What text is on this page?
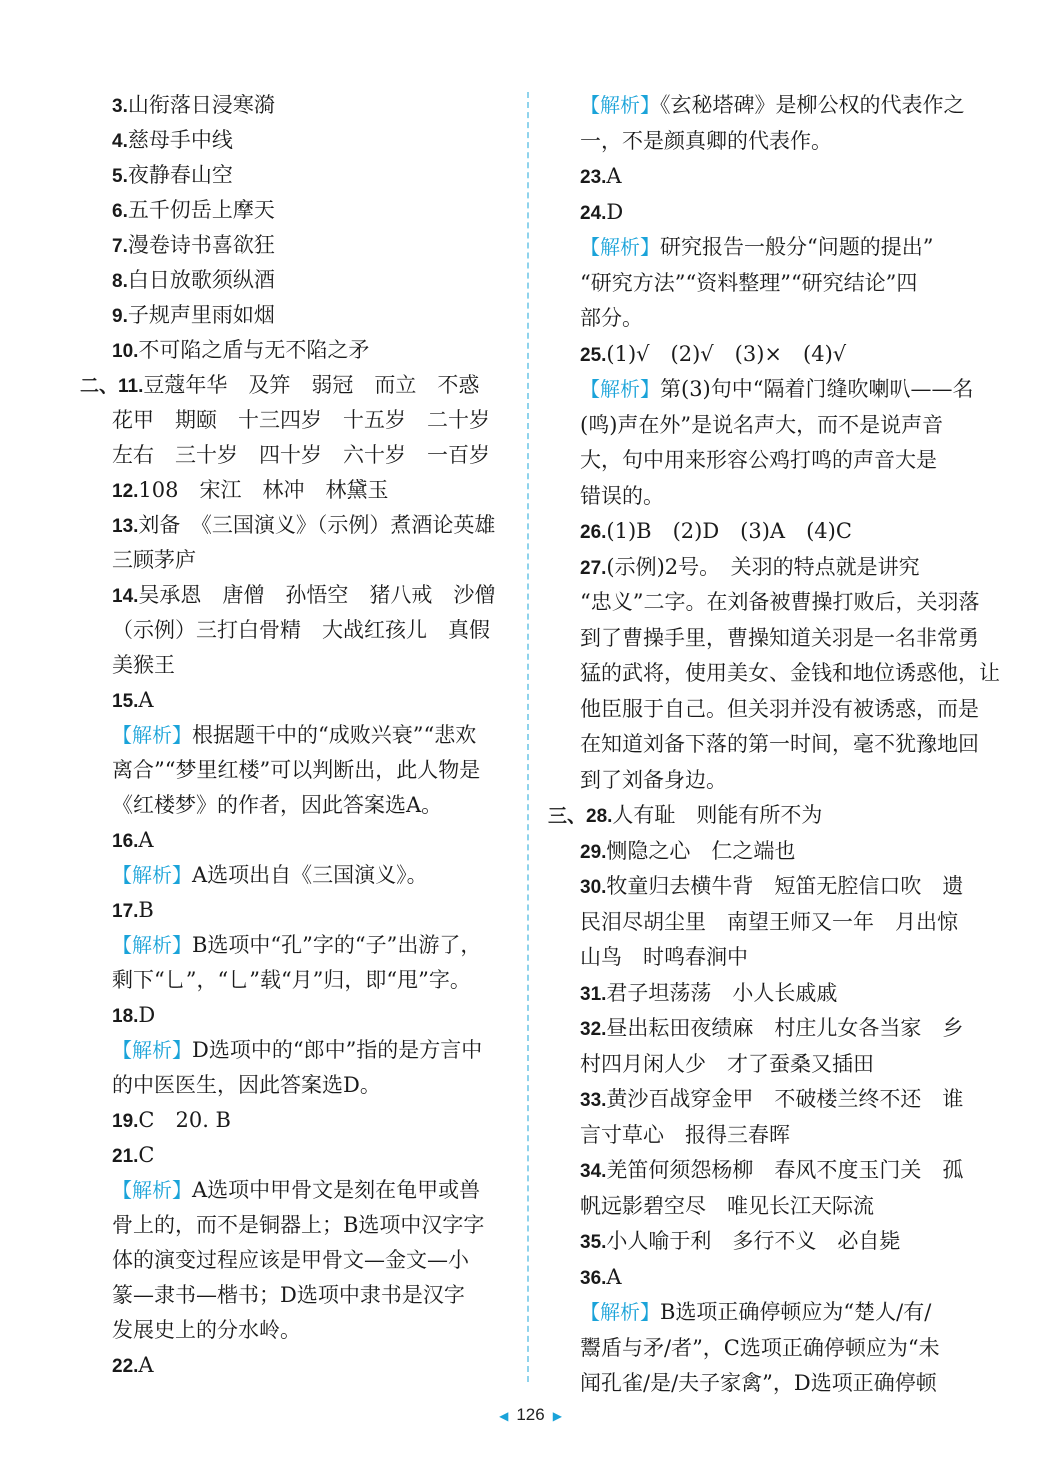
3.山衔落日浸寒漪
4.慈母手中线
5.夜静春山空
6.五千仞岳上摩天
7.漫卷诗书喜欲狂
8.白日放歌须纵酒
9.子规声里雨如烟
10.不可陷之盾与无不陷之矛
二、11.豆蔻年华　及笄　弱冠　而立　不惑
花甲　期颐　十三四岁　十五岁　二十岁
左右　三十岁　四十岁　六十岁　一百岁
12.108　宋江　林冲　林黛玉
13.刘备　《三国演义》（示例）煮酒论英雄
三顾茅庐
14.吴承恩　唐僧　孙悟空　猪八戒　沙僧
（示例）三打白骨精　大战红孩儿　真假
美猴王
15.A
【解析】根据题干中的“成败兴衰”“悲欢
离合”“梦里红楼”可以判断出，此人物是
《红楼梦》的作者，因此答案选A。
16.A
【解析】A选项出自《三国演义》。
17.B
【解析】B选项中“孔”字的“子”出游了，
剩下“乚”，“乚”载“月”归，即“甩”字。
18.D
【解析】D选项中的“郎中”指的是方言中
的中医医生，因此答案选D。
19.C　20. B
21.C
【解析】A选项中甲骨文是刻在龟甲或兽
骨上的，而不是铜器上；B选项中汉字字
体的演变过程应该是甲骨文—金文—小
篆—隶书—楷书；D选项中隶书是汉字
发展史上的分水岭。
22.A
【解析】《玄秘塔碑》是柳公权的代表作之
一，不是颜真卿的代表作。
23.A
24.D
【解析】研究报告一般分“问题的提出”
“研究方法”“资料整理”“研究结论”四
部分。
25.(1)√　(2)√　(3)×　(4)√
【解析】第(3)句中“隔着门缝吹喇叭——名
(鸣)声在外”是说名声大，而不是说声音
大，句中用来形容公鸡打鸣的声音大是
错误的。
26.(1)B　(2)D　(3)A　(4)C
27.(示例)2号。　关羽的特点就是讲究
“忠义”二字。在刘备被曹操打败后，关羽落
到了曹操手里，曹操知道关羽是一名非常勇
猛的武将，使用美女、金钱和地位诱惑他，让
他臣服于自己。但关羽并没有被诱惑，而是
在知道刘备下落的第一时间，毫不犹豫地回
到了刘备身边。
三、28.人有耻　则能有所不为
29.恻隐之心　仁之端也
30.牧童归去横牛背　短笛无腔信口吹　遗
民泪尽胡尘里　南望王师又一年　月出惊
山鸟　时鸣春涧中
31.君子坦荡荡　小人长戚戚
32.昼出耘田夜绩麻　村庄儿女各当家　乡
村四月闲人少　才了蚕桑又插田
33.黄沙百战穿金甲　不破楼兰终不还　谁
言寸草心　报得三春晖
34.羌笛何须怨杨柳　春风不度玉门关　孤
帆远影碧空尽　唯见长江天际流
35.小人喻于利　多行不义　必自毙
36.A
【解析】B选项正确停顿应为“楚人/有/
鬻盾与矛/者”，C选项正确停顿应为“未
闻孔雀/是/夫子家禽”，D选项正确停顿
◀ 126 ▶
